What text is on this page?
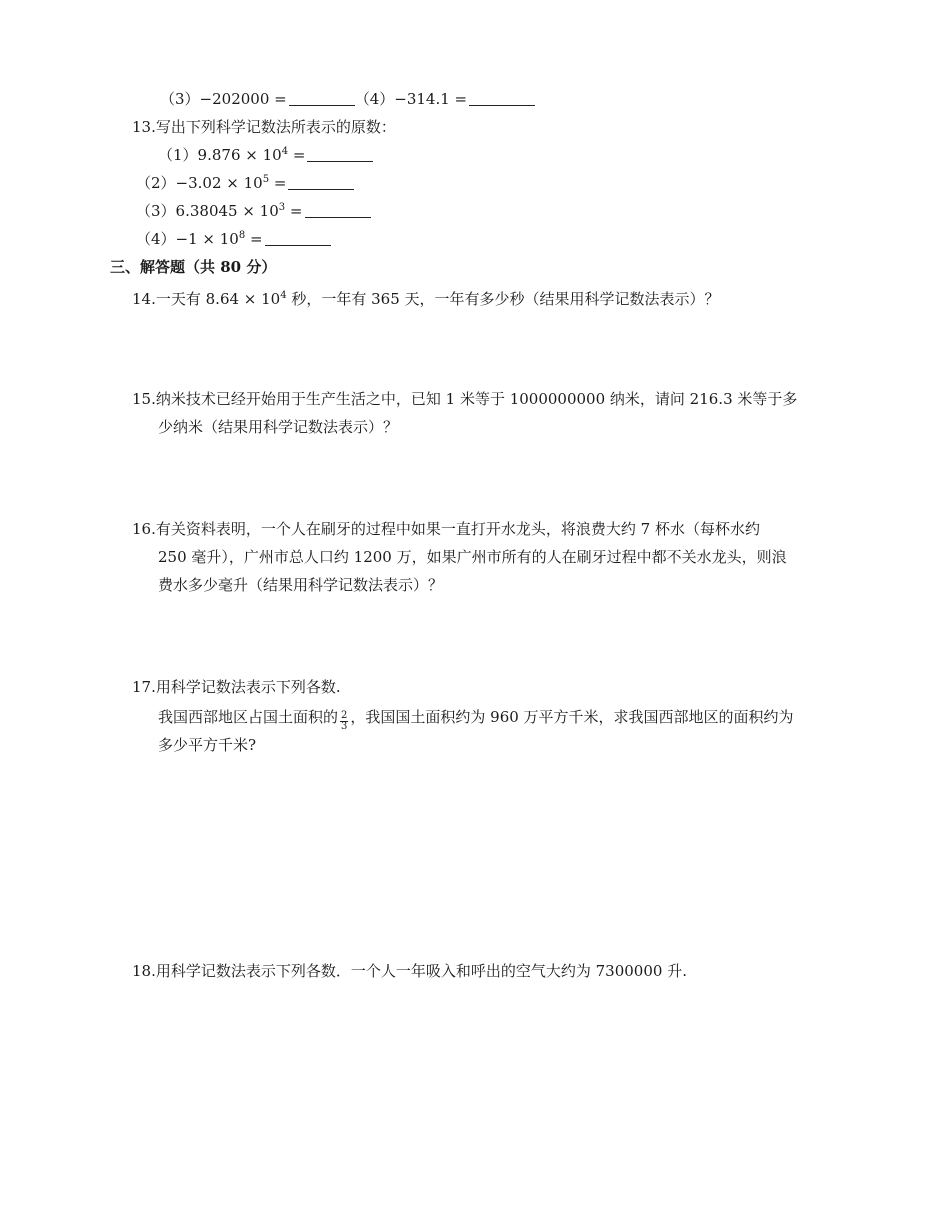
（3）−202000 =	（4）−314.1 =
13.写出下列科学记数法所表示的原数：
$(1)9.876 \times 10^4$ =
$(2)-3.02 \times 10^5$ =
$(3)6.38045 \times 10^3$ =
$(4)-1 \times 10^8$ =
三、解答题（共 80 分）
14.一天有 $8.64 \times 10^4$ 秒，一年有 365 天，一年有多少秒（结果用科学记数法表示）？
15.纳米技术已经开始用于生产生活之中，已知 1 米等于 1000000000 纳米，请问 216.3 米等于多
少纳米（结果用科学记数法表示）？
16.有关资料表明，一个人在刷牙的过程中如果一直打开水龙头，将浪费大约 7 杯水（每杯水约
250 毫升），广州市总人口约 1200 万，如果广州市所有的人在刷牙过程中都不关水龙头，则浪
费水多少毫升（结果用科学记数法表示）？
17.用科学记数法表示下列各数.
我国西部地区占国土面积的 $\frac{2}{3}$ ，我国国土面积约为 960 万平方千米，求我国西部地区的面积约为
多少平方千米?
18.用科学记数法表示下列各数．一个人一年吸入和呼出的空气大约为 7300000 升.
